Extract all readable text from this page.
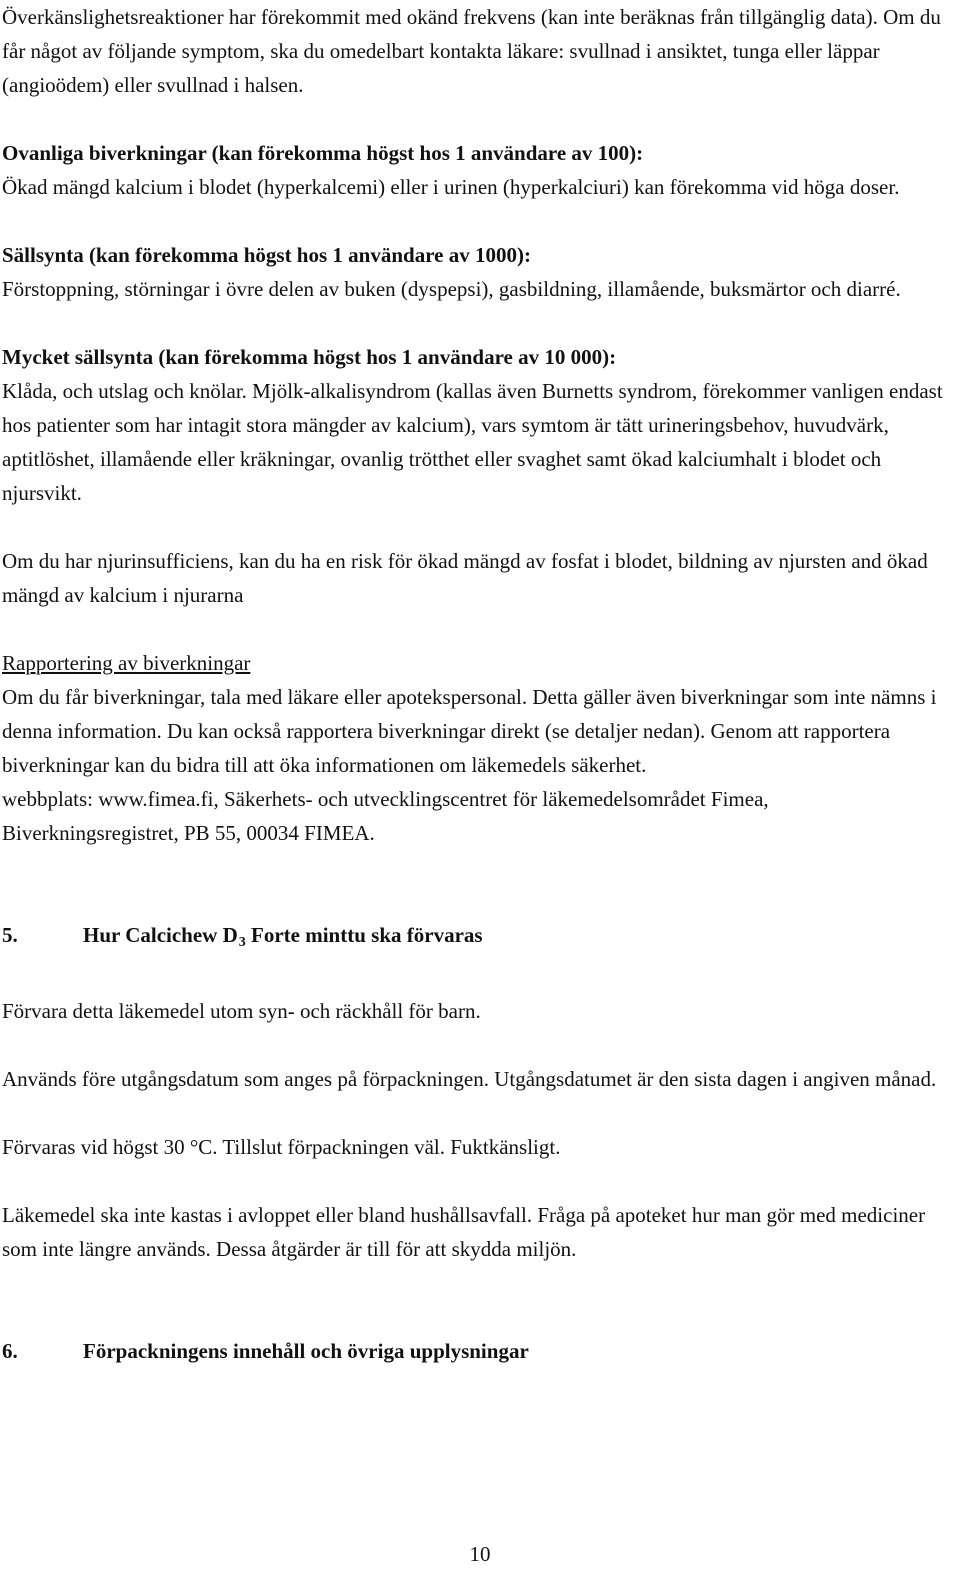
Överkänslighetsreaktioner har förekommit med okänd frekvens (kan inte beräknas från tillgänglig data). Om du får något av följande symptom, ska du omedelbart kontakta läkare: svullnad i ansiktet, tunga eller läppar (angioödem) eller svullnad i halsen.

Ovanliga biverkningar (kan förekomma högst hos 1 användare av 100):

Ökad mängd kalcium i blodet (hyperkalcemi) eller i urinen (hyperkalciuri) kan förekomma vid höga doser.

Sällsynta (kan förekomma högst hos 1 användare av 1000):

Förstoppning, störningar i övre delen av buken (dyspepsi), gasbildning, illamående, buksmärtor och diarré.

Mycket sällsynta (kan förekomma högst hos 1 användare av 10 000):

Klåda, och utslag och knölar. Mjölk-alkalisyndrom (kallas även Burnetts syndrom, förekommer vanligen endast hos patienter som har intagit stora mängder av kalcium), vars symtom är tätt urineringsbehov, huvudvärk, aptitlöshet, illamående eller kräkningar, ovanlig trötthet eller svaghet samt ökad kalciumhalt i blodet och njursvikt.

Om du har njurinsufficiens, kan du ha en risk för ökad mängd av fosfat i blodet, bildning av njursten and ökad mängd av kalcium i njurarna

Rapportering av biverkningar

Om du får biverkningar, tala med läkare eller apotekspersonal. Detta gäller även biverkningar som inte nämns i denna information. Du kan också rapportera biverkningar direkt (se detaljer nedan). Genom att rapportera biverkningar kan du bidra till att öka informationen om läkemedels säkerhet.

webbplats: www.fimea.fi, Säkerhets- och utvecklingscentret för läkemedelsområdet Fimea,

Biverkningsregistret, PB 55, 00034 FIMEA.

5.	Hur Calcichew D3 Forte minttu ska förvaras

Förvara detta läkemedel utom syn- och räckhåll för barn.

Används före utgångsdatum som anges på förpackningen. Utgångsdatumet är den sista dagen i angiven månad.

Förvaras vid högst 30 °C. Tillslut förpackningen väl. Fuktkänsligt.

Läkemedel ska inte kastas i avloppet eller bland hushållsavfall. Fråga på apoteket hur man gör med mediciner som inte längre används. Dessa åtgärder är till för att skydda miljön.

6.	Förpackningens innehåll och övriga upplysningar
10
